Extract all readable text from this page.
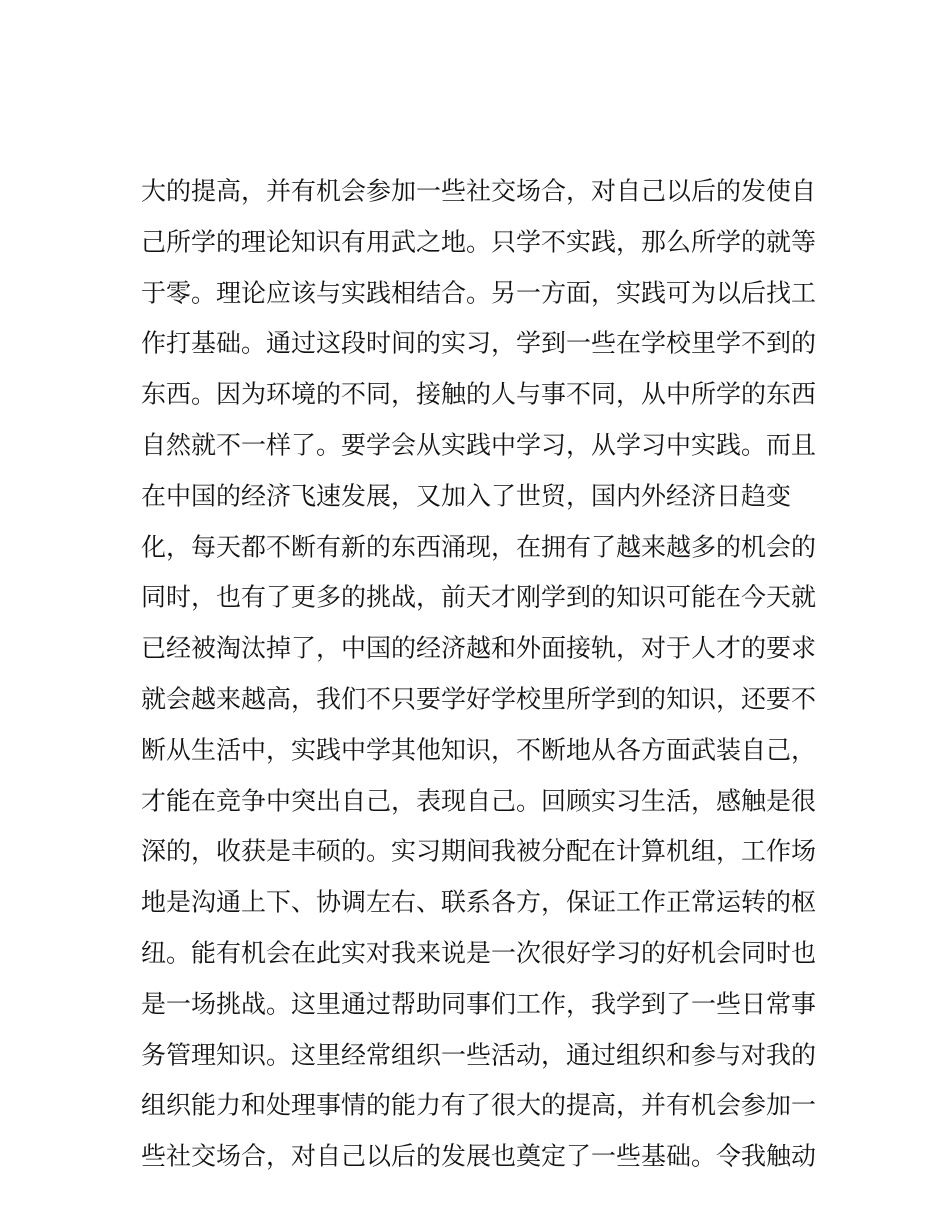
大的提高，并有机会参加一些社交场合，对自己以后的发使自
己所学的理论知识有用武之地。只学不实践，那么所学的就等
于零。理论应该与实践相结合。另一方面，实践可为以后找工
作打基础。通过这段时间的实习，学到一些在学校里学不到的
东西。因为环境的不同，接触的人与事不同，从中所学的东西
自然就不一样了。要学会从实践中学习，从学习中实践。而且
在中国的经济飞速发展，又加入了世贸，国内外经济日趋变
化，每天都不断有新的东西涌现，在拥有了越来越多的机会的
同时，也有了更多的挑战，前天才刚学到的知识可能在今天就
已经被淘汰掉了，中国的经济越和外面接轨，对于人才的要求
就会越来越高，我们不只要学好学校里所学到的知识，还要不
断从生活中，实践中学其他知识，不断地从各方面武装自己，
才能在竞争中突出自己，表现自己。回顾实习生活，感触是很
深的，收获是丰硕的。实习期间我被分配在计算机组，工作场
地是沟通上下、协调左右、联系各方，保证工作正常运转的枢
纽。能有机会在此实对我来说是一次很好学习的好机会同时也
是一场挑战。这里通过帮助同事们工作，我学到了一些日常事
务管理知识。这里经常组织一些活动，通过组织和参与对我的
组织能力和处理事情的能力有了很大的提高，并有机会参加一
些社交场合，对自己以后的发展也奠定了一些基础。令我触动
